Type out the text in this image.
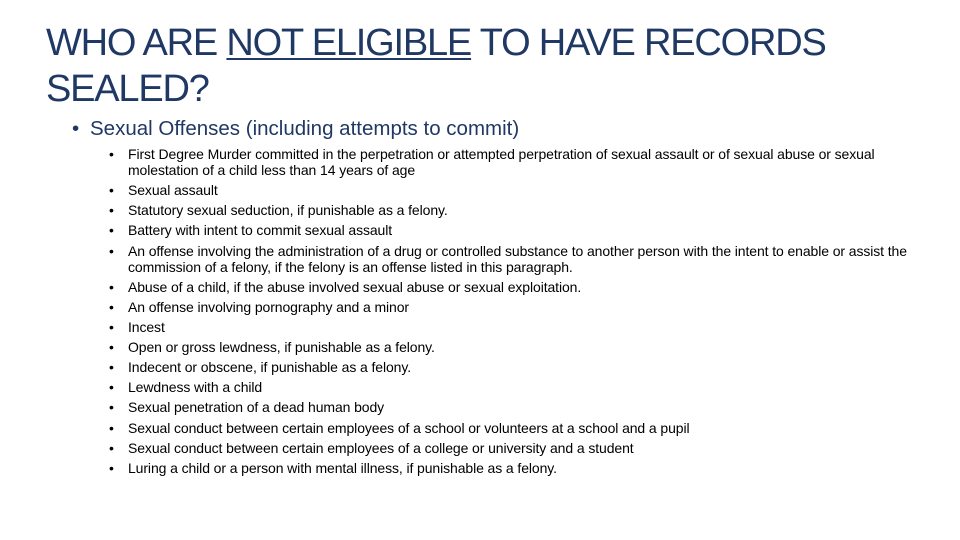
WHO ARE NOT ELIGIBLE TO HAVE RECORDS SEALED?
• Sexual Offenses (including attempts to commit)
• First Degree Murder committed in the perpetration or attempted perpetration of sexual assault or of sexual abuse or sexual molestation of a child less than 14 years of age
• Sexual assault
• Statutory sexual seduction, if punishable as a felony.
• Battery with intent to commit sexual assault
• An offense involving the administration of a drug or controlled substance to another person with the intent to enable or assist the commission of a felony, if the felony is an offense listed in this paragraph.
• Abuse of a child, if the abuse involved sexual abuse or sexual exploitation.
• An offense involving pornography and a minor
• Incest
• Open or gross lewdness, if punishable as a felony.
• Indecent or obscene, if punishable as a felony.
• Lewdness with a child
• Sexual penetration of a dead human body
• Sexual conduct between certain employees of a school or volunteers at a school and a pupil
• Sexual conduct between certain employees of a college or university and a student
• Luring a child or a person with mental illness, if punishable as a felony.
